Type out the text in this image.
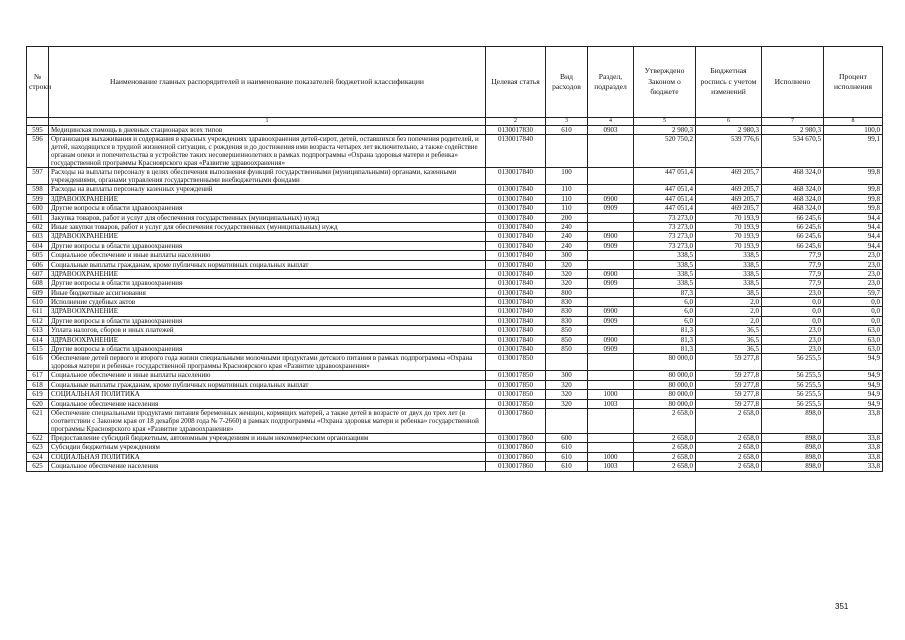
№ строки	Наименование главных распорядителей и наименование показателей бюджетной классификации	Целевая статья	Вид расходов	Раздел, подраздел	Утверждено Законом о бюджете	Бюджетная роспись с учетом изменений	Исполнено	Процент исполнения
	1	2	3	4	5	6	7	8
595	Медицинская помощь в дневных стационарах всех типов	0130017830	610	0903	2 980,3	2 980,3	2 980,3	100,0
596	Организация выхаживания и содержания в красных учреждениях здравоохранения детей-сирот, детей, оставшихся без попечения родителей, и детей, находящихся в трудной жизненной ситуации, с рождения и до достижения ими возраста четырех лет включительно, а также содействие органам опеки и попечительства в устройстве таких несовершеннолетних в рамках подпрограммы «Охрана здоровья матери и ребенка» государственной программы Красноярского края «Развитие здравоохранения»	0130017840			520 750,2	539 776,6	534 670,5	99,1
597	Расходы на выплаты персоналу в целях обеспечения выполнения функций государственными (муниципальными) органами, казенными учреждениями, органами управления государственными внебюджетными фондами	0130017840	100		447 051,4	469 205,7	468 324,0	99,8
598	Расходы на выплаты персоналу казенных учреждений	0130017840	110		447 051,4	469 205,7	468 324,0	99,8
599	ЗДРАВООХРАНЕНИЕ	0130017840	110	0900	447 051,4	469 205,7	468 324,0	99,8
600	Другие вопросы в области здравоохранения	0130017840	110	0909	447 051,4	469 205,7	468 324,0	99,8
601	Закупка товаров, работ и услуг для обеспечения государственных (муниципальных) нужд	0130017840	200		73 273,0	70 193,9	66 245,6	94,4
602	Иные закупки товаров, работ и услуг для обеспечения государственных (муниципальных) нужд	0130017840	240		73 273,0	70 193,9	66 245,6	94,4
603	ЗДРАВООХРАНЕНИЕ	0130017840	240	0900	73 273,0	70 193,9	66 245,6	94,4
604	Другие вопросы в области здравоохранения	0130017840	240	0909	73 273,0	70 193,9	66 245,6	94,4
605	Социальное обеспечение и иные выплаты населению	0130017840	300		338,5	338,5	77,9	23,0
606	Социальные выплаты гражданам, кроме публичных нормативных социальных выплат	0130017840	320		338,5	338,5	77,9	23,0
607	ЗДРАВООХРАНЕНИЕ	0130017840	320	0900	338,5	338,5	77,9	23,0
608	Другие вопросы в области здравоохранения	0130017840	320	0909	338,5	338,5	77,9	23,0
609	Иные бюджетные ассигнования	0130017840	800		87,3	38,5	23,0	59,7
610	Исполнение судебных актов	0130017840	830		6,0	2,0	0,0	0,0
611	ЗДРАВООХРАНЕНИЕ	0130017840	830	0900	6,0	2,0	0,0	0,0
612	Другие вопросы в области здравоохранения	0130017840	830	0909	6,0	2,0	0,0	0,0
613	Уплата налогов, сборов и иных платежей	0130017840	850		81,3	36,5	23,0	63,0
614	ЗДРАВООХРАНЕНИЕ	0130017840	850	0900	81,3	36,5	23,0	63,0
615	Другие вопросы в области здравоохранения	0130017840	850	0909	81,3	36,5	23,0	63,0
616	Обеспечение детей первого и второго года жизни специальными молочными продуктами детского питания в рамках подпрограммы «Охрана здоровья матери и ребенка» государственной программы Красноярского края «Развитие здравоохранения»	0130017850			80 000,0	59 277,8	56 255,5	94,9
617	Социальное обеспечение и иные выплаты населению	0130017850	300		80 000,0	59 277,8	56 255,5	94,9
618	Социальные выплаты гражданам, кроме публичных нормативных социальных выплат	0130017850	320		80 000,0	59 277,8	56 255,5	94,9
619	СОЦИАЛЬНАЯ ПОЛИТИКА	0130017850	320	1000	80 000,0	59 277,8	56 255,5	94,9
620	Социальное обеспечение населения	0130017850	320	1003	80 000,0	59 277,8	56 255,5	94,9
621	Обеспечение специальными продуктами питания беременных женщин, кормящих матерей, а также детей в возрасте от двух до трех лет (в соответствии с Законом края от 18 декабря 2008 года № 7-2660) в рамках подпрограммы «Охрана здоровья матери и ребенка» государственной программы Красноярского края «Развитие здравоохранения»	0130017860			2 658,0	2 658,0	898,0	33,8
622	Предоставление субсидий бюджетным, автономным учреждениям и иным некоммерческим организациям	0130017860	600		2 658,0	2 658,0	898,0	33,8
623	Субсидии бюджетным учреждениям	0130017860	610		2 658,0	2 658,0	898,0	33,8
624	СОЦИАЛЬНАЯ ПОЛИТИКА	0130017860	610	1000	2 658,0	2 658,0	898,0	33,8
625	Социальное обеспечение населения	0130017860	610	1003	2 658,0	2 658,0	898,0	33,8
351
